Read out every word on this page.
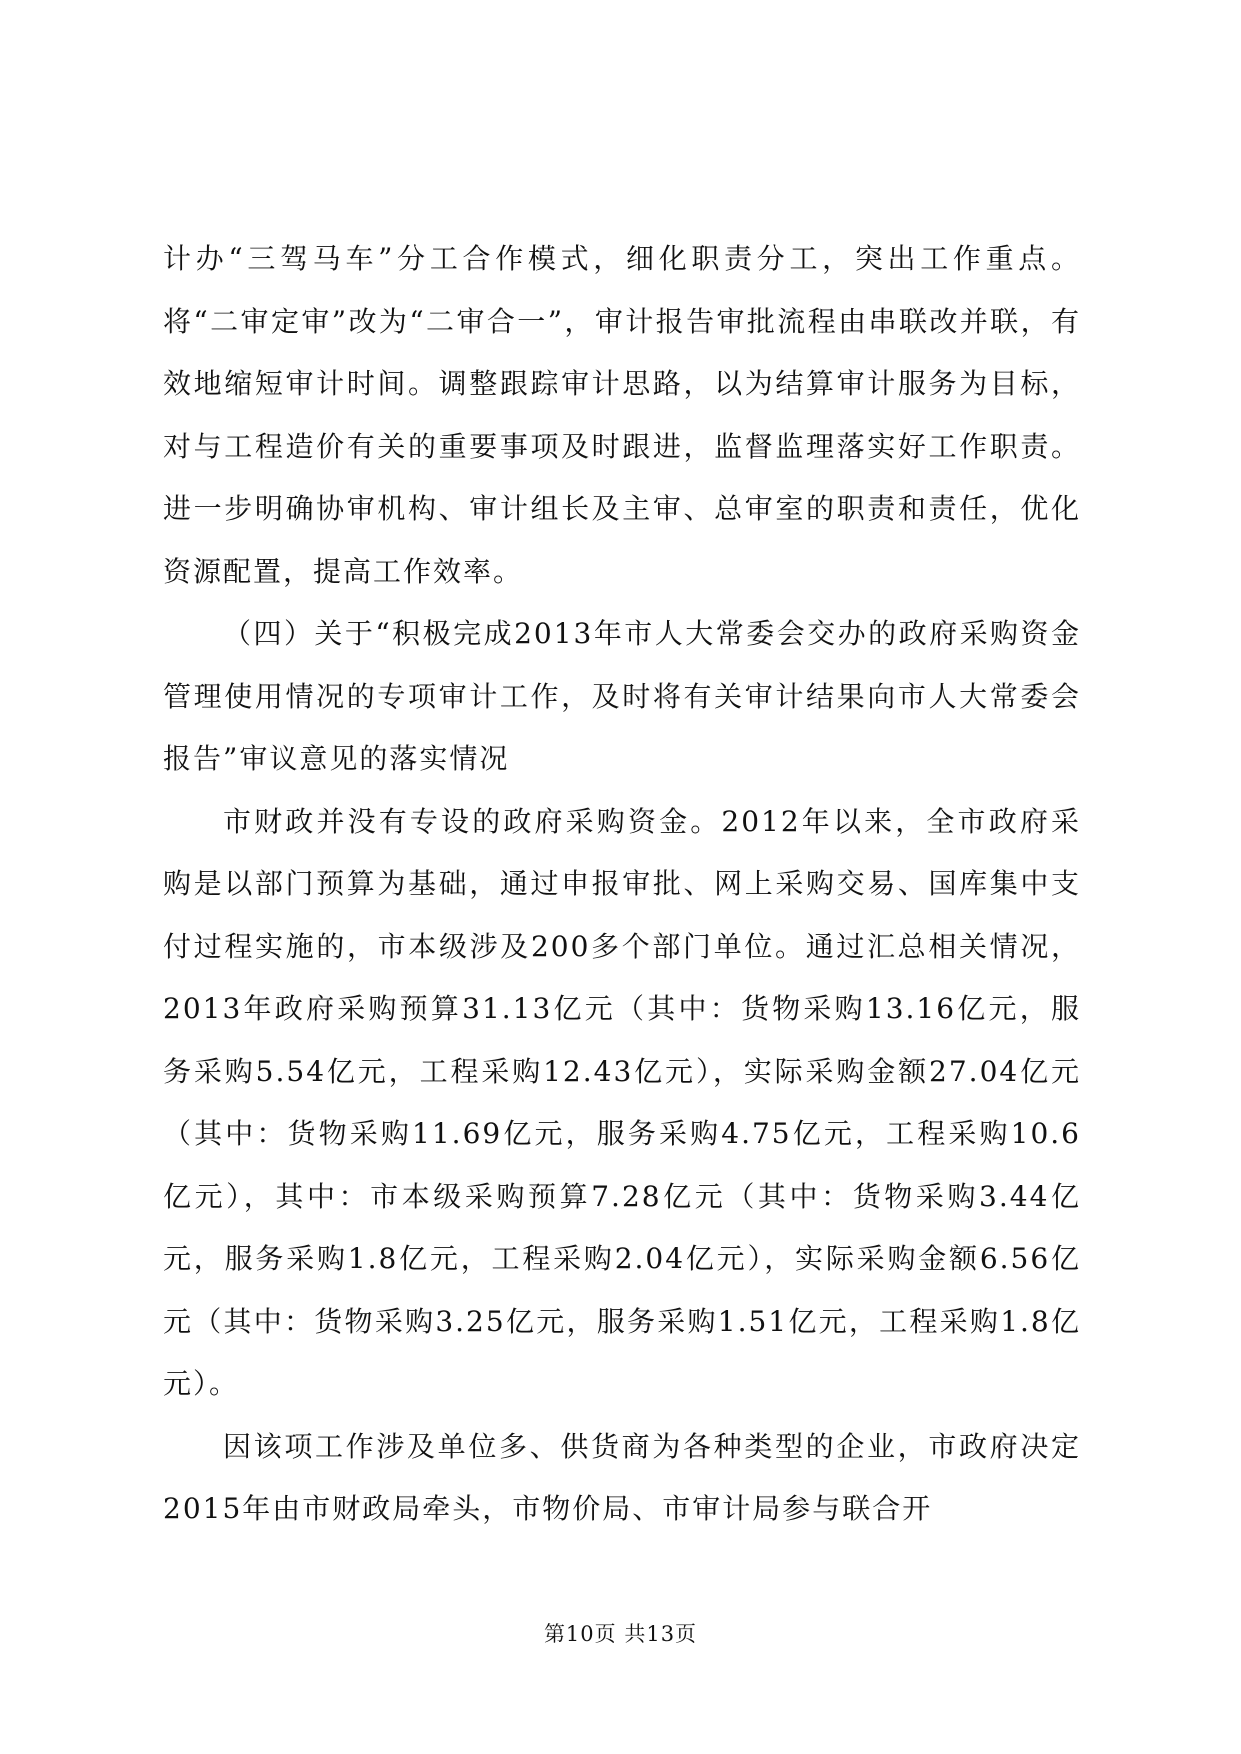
计办“三驾马车”分工合作模式，细化职责分工，突出工作重点。将“二审定审”改为“二审合一”，审计报告审批流程由串联改并联，有效地缩短审计时间。调整跟踪审计思路，以为结算审计服务为目标，对与工程造价有关的重要事项及时跟进，监督监理落实好工作职责。进一步明确协审机构、审计组长及主审、总审室的职责和责任，优化资源配置，提高工作效率。

（四）关于“积极完成2013年市人大常委会交办的政府采购资金管理使用情况的专项审计工作，及时将有关审计结果向市人大常委会报告”审议意见的落实情况

市财政并没有专设的政府采购资金。2012年以来，全市政府采购是以部门预算为基础，通过申报审批、网上采购交易、国库集中支付过程实施的，市本级涉及200多个部门单位。通过汇总相关情况，2013年政府采购预算31.13亿元（其中：货物采购13.16亿元，服务采购5.54亿元，工程采购12.43亿元），实际采购金额27.04亿元（其中：货物采购11.69亿元，服务采购4.75亿元，工程采购10.6亿元），其中：市本级采购预算7.28亿元（其中：货物采购3.44亿元，服务采购1.8亿元，工程采购2.04亿元），实际采购金额6.56亿元（其中：货物采购3.25亿元，服务采购1.51亿元，工程采购1.8亿元）。

因该项工作涉及单位多、供货商为各种类型的企业，市政府决定2015年由市财政局牵头，市物价局、市审计局参与联合开

第10页 共13页
